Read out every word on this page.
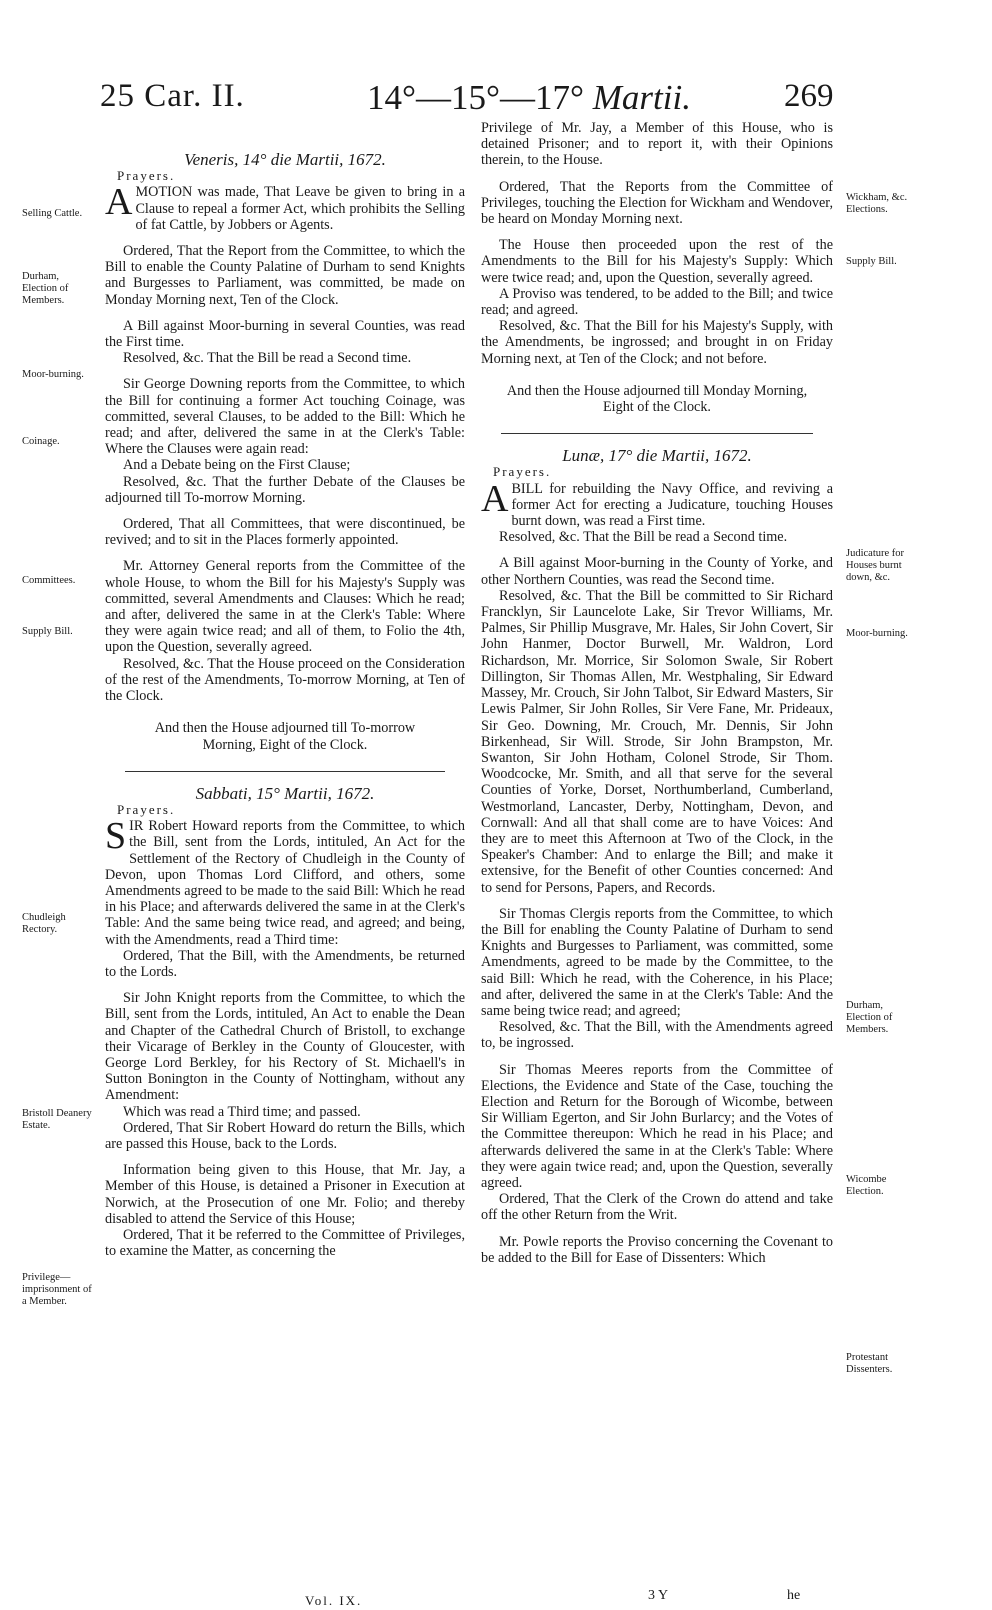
25 Car. II.	14°—15°—17° Martii.	269
Selling Cattle.
Durham, Election of Members.
Moor-burning.
Coinage.
Committees.
Supply Bill.
Chudleigh Rectory.
Bristoll Deanery Estate.
Privilege—imprisonment of a Member.
Wickham, &c. Elections.
Supply Bill.
Judicature for Houses burnt down, &c.
Moor-burning.
Durham, Election of Members.
Wicombe Election.
Protestant Dissenters.

Veneris, 14° die Martii, 1672.

Prayers.

AMOTION was made, That Leave be given to bring in a Clause to repeal a former Act, which prohibits the Selling of fat Cattle, by Jobbers or Agents.

Ordered, That the Report from the Committee, to which the Bill to enable the County Palatine of Durham to send Knights and Burgesses to Parliament, was committed, be made on Monday Morning next, Ten of the Clock.

A Bill against Moor-burning in several Counties, was read the First time.

Resolved, &c. That the Bill be read a Second time.

Sir George Downing reports from the Committee, to which the Bill for continuing a former Act touching Coinage, was committed, several Clauses, to be added to the Bill: Which he read; and after, delivered the same in at the Clerk's Table: Where the Clauses were again read:

And a Debate being on the First Clause;

Resolved, &c. That the further Debate of the Clauses be adjourned till To-morrow Morning.

Ordered, That all Committees, that were discontinued, be revived; and to sit in the Places formerly appointed.

Mr. Attorney General reports from the Committee of the whole House, to whom the Bill for his Majesty's Supply was committed, several Amendments and Clauses: Which he read; and after, delivered the same in at the Clerk's Table: Where they were again twice read; and all of them, to Folio the 4th, upon the Question, severally agreed.

Resolved, &c. That the House proceed on the Consideration of the rest of the Amendments, To-morrow Morning, at Ten of the Clock.

And then the House adjourned till To-morrow Morning, Eight of the Clock.

Sabbati, 15° Martii, 1672.

Prayers.

SIR Robert Howard reports from the Committee, to which the Bill, sent from the Lords, intituled, An Act for the Settlement of the Rectory of Chudleigh in the County of Devon, upon Thomas Lord Clifford, and others, some Amendments agreed to be made to the said Bill: Which he read in his Place; and afterwards delivered the same in at the Clerk's Table: And the same being twice read, and agreed; and being, with the Amendments, read a Third time:

Ordered, That the Bill, with the Amendments, be returned to the Lords.

Sir John Knight reports from the Committee, to which the Bill, sent from the Lords, intituled, An Act to enable the Dean and Chapter of the Cathedral Church of Bristoll, to exchange their Vicarage of Berkley in the County of Gloucester, with George Lord Berkley, for his Rectory of St. Michaell's in Sutton Bonington in the County of Nottingham, without any Amendment:

Which was read a Third time; and passed.

Ordered, That Sir Robert Howard do return the Bills, which are passed this House, back to the Lords.

Information being given to this House, that Mr. Jay, a Member of this House, is detained a Prisoner in Execution at Norwich, at the Prosecution of one Mr. Folio; and thereby disabled to attend the Service of this House;

Ordered, That it be referred to the Committee of Privileges, to examine the Matter, as concerning the

Privilege of Mr. Jay, a Member of this House, who is detained Prisoner; and to report it, with their Opinions therein, to the House.

Ordered, That the Reports from the Committee of Privileges, touching the Election for Wickham and Wendover, be heard on Monday Morning next.

The House then proceeded upon the rest of the Amendments to the Bill for his Majesty's Supply: Which were twice read; and, upon the Question, severally agreed.

A Proviso was tendered, to be added to the Bill; and twice read; and agreed.

Resolved, &c. That the Bill for his Majesty's Supply, with the Amendments, be ingrossed; and brought in on Friday Morning next, at Ten of the Clock; and not before.

And then the House adjourned till Monday Morning, Eight of the Clock.

Lunæ, 17° die Martii, 1672.

Prayers.

ABILL for rebuilding the Navy Office, and reviving a former Act for erecting a Judicature, touching Houses burnt down, was read a First time.

Resolved, &c. That the Bill be read a Second time.

A Bill against Moor-burning in the County of Yorke, and other Northern Counties, was read the Second time.

Resolved, &c. That the Bill be committed to Sir Richard Francklyn, Sir Launcelote Lake, Sir Trevor Williams, Mr. Palmes, Sir Phillip Musgrave, Mr. Hales, Sir John Covert, Sir John Hanmer, Doctor Burwell, Mr. Waldron, Lord Richardson, Mr. Morrice, Sir Solomon Swale, Sir Robert Dillington, Sir Thomas Allen, Mr. Westphaling, Sir Edward Massey, Mr. Crouch, Sir John Talbot, Sir Edward Masters, Sir Lewis Palmer, Sir John Rolles, Sir Vere Fane, Mr. Prideaux, Sir Geo. Downing, Mr. Crouch, Mr. Dennis, Sir John Birkenhead, Sir Will. Strode, Sir John Brampston, Mr. Swanton, Sir John Hotham, Colonel Strode, Sir Thom. Woodcocke, Mr. Smith, and all that serve for the several Counties of Yorke, Dorset, Northumberland, Cumberland, Westmorland, Lancaster, Derby, Nottingham, Devon, and Cornwall: And all that shall come are to have Voices: And they are to meet this Afternoon at Two of the Clock, in the Speaker's Chamber: And to enlarge the Bill; and make it extensive, for the Benefit of other Counties concerned: And to send for Persons, Papers, and Records.

Sir Thomas Clergis reports from the Committee, to which the Bill for enabling the County Palatine of Durham to send Knights and Burgesses to Parliament, was committed, some Amendments, agreed to be made by the Committee, to the said Bill: Which he read, with the Coherence, in his Place; and after, delivered the same in at the Clerk's Table: And the same being twice read; and agreed;

Resolved, &c. That the Bill, with the Amendments agreed to, be ingrossed.

Sir Thomas Meeres reports from the Committee of Elections, the Evidence and State of the Case, touching the Election and Return for the Borough of Wicombe, between Sir William Egerton, and Sir John Burlarcy; and the Votes of the Committee thereupon: Which he read in his Place; and afterwards delivered the same in at the Clerk's Table: Where they were again twice read; and, upon the Question, severally agreed.

Ordered, That the Clerk of the Crown do attend and take off the other Return from the Writ.

Mr. Powle reports the Proviso concerning the Covenant to be added to the Bill for Ease of Dissenters: Which

Vol. IX.	3 Y	he
